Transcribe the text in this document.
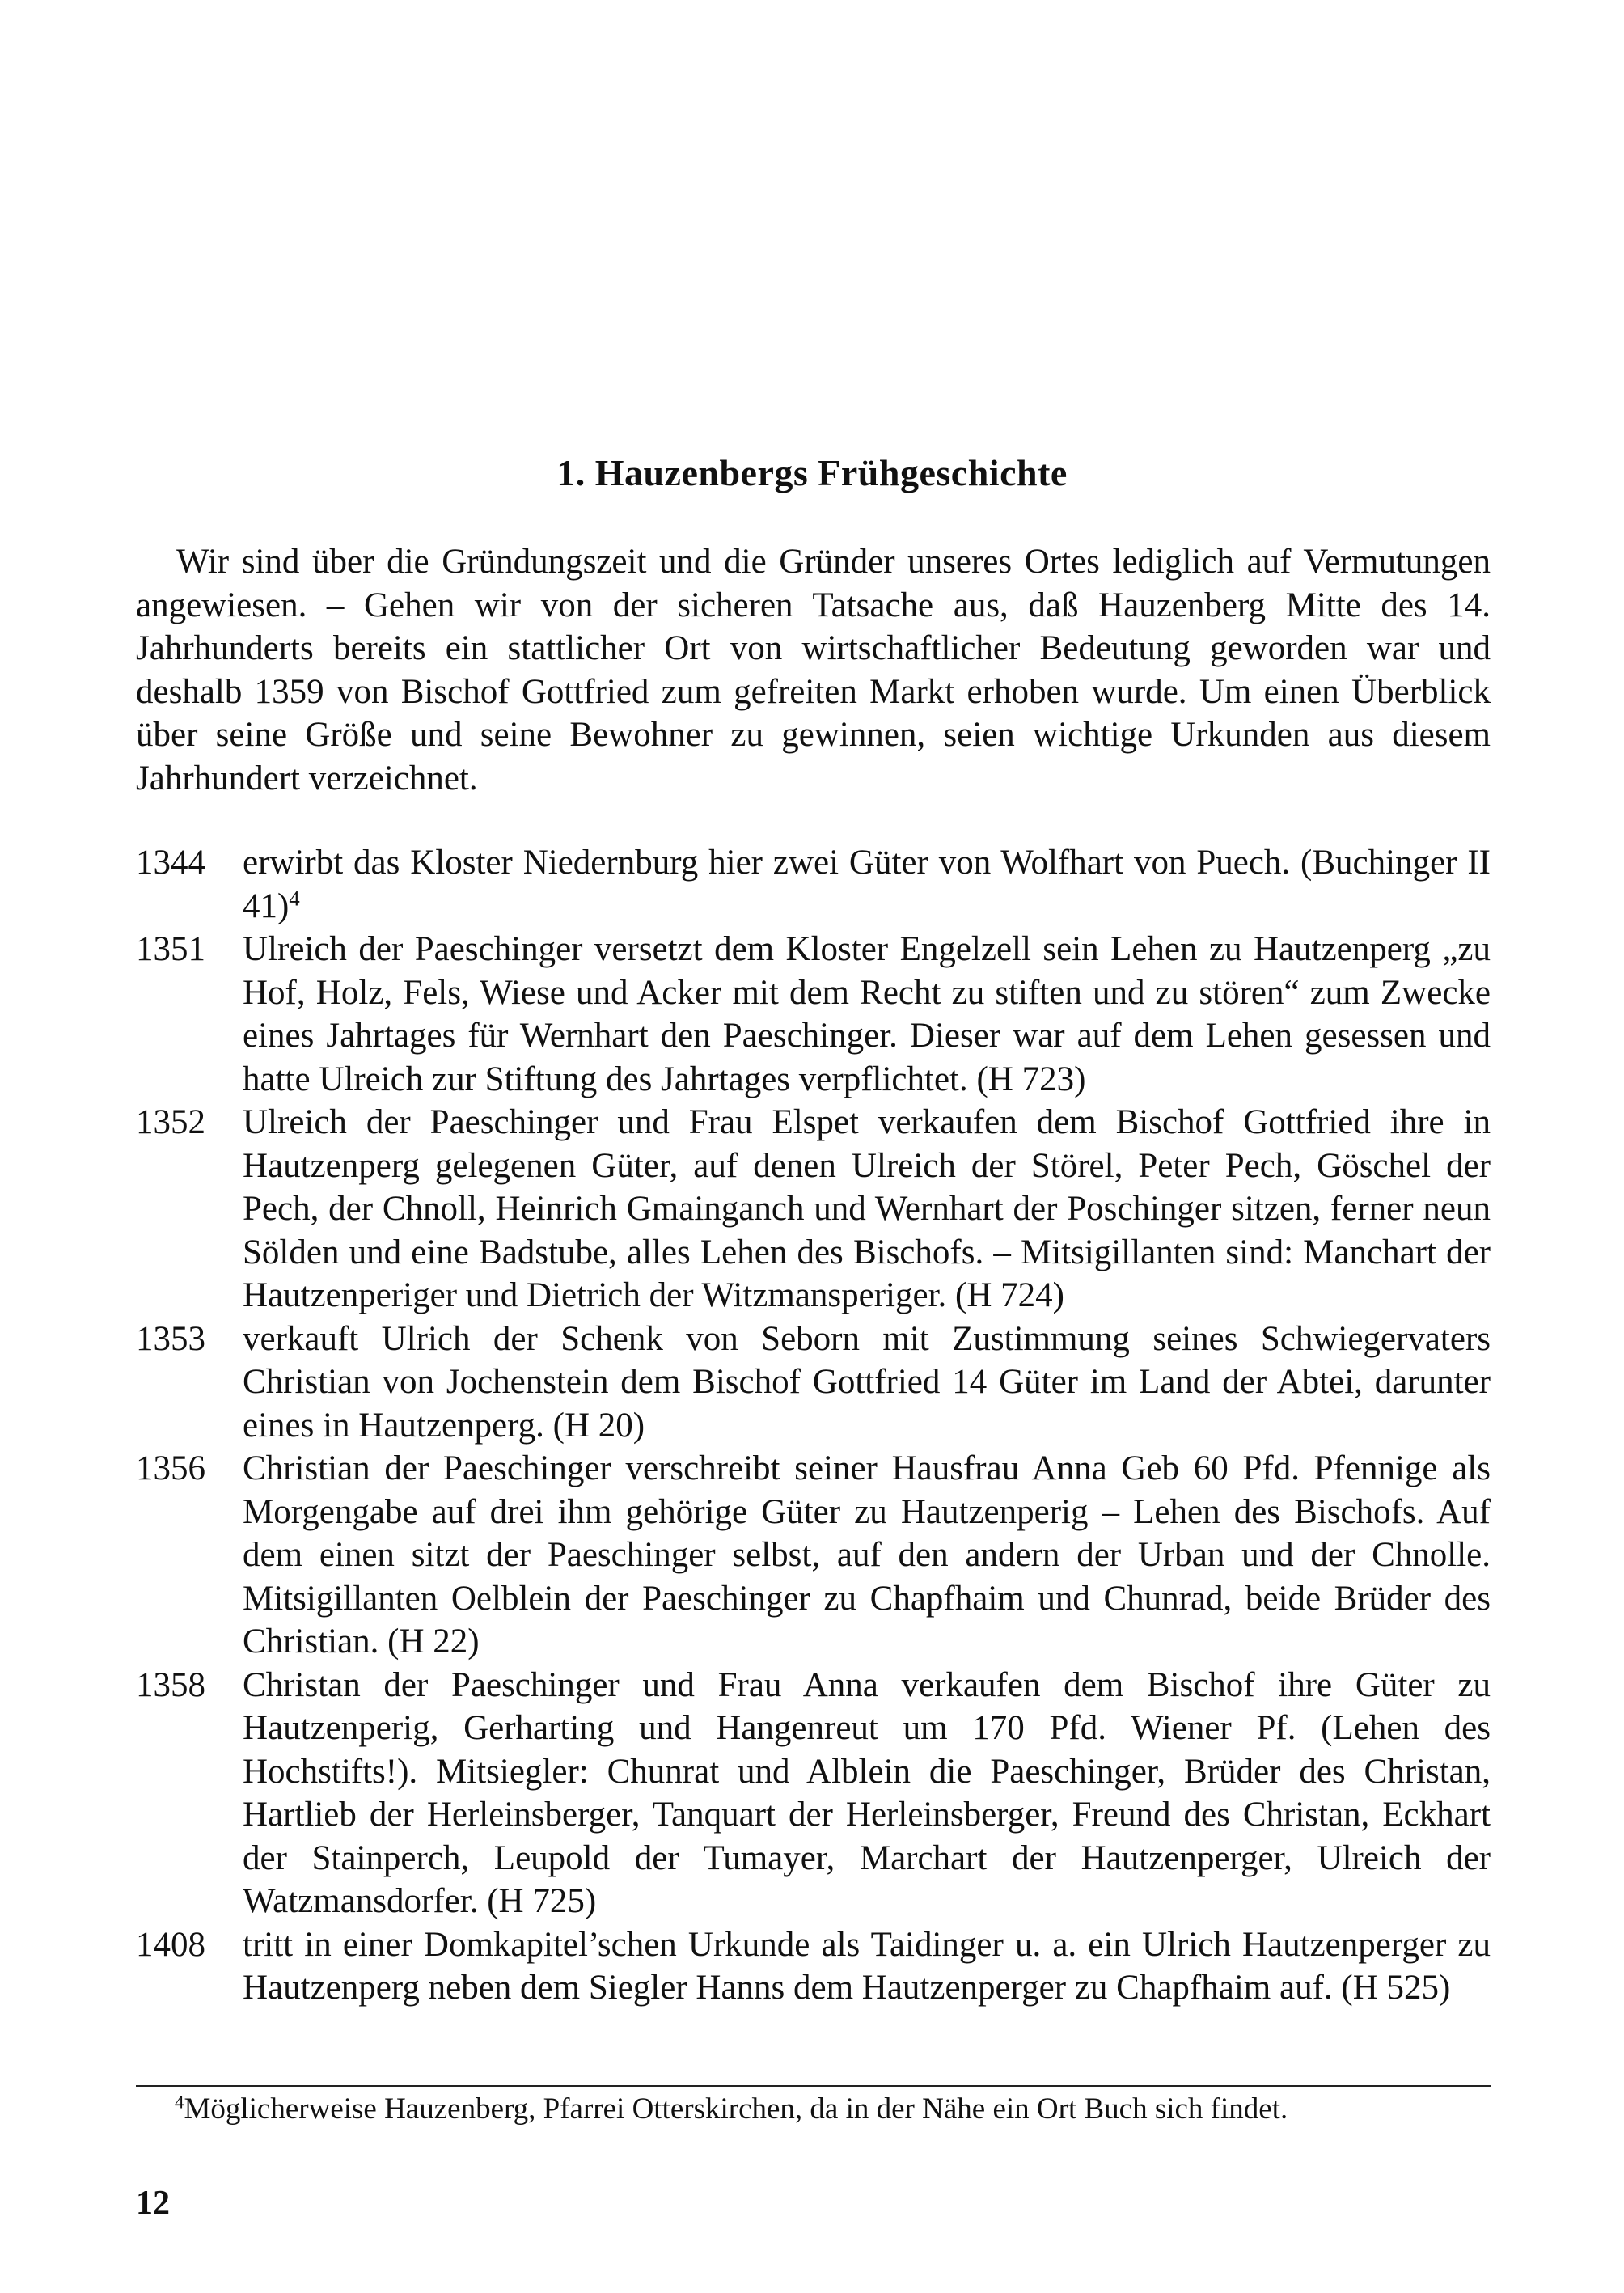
1. Hauzenbergs Frühgeschichte

Wir sind über die Gründungszeit und die Gründer unseres Ortes lediglich auf Vermutungen angewiesen. – Gehen wir von der sicheren Tatsache aus, daß Hauzenberg Mitte des 14. Jahrhunderts bereits ein stattlicher Ort von wirtschaftlicher Bedeutung geworden war und deshalb 1359 von Bischof Gottfried zum gefreiten Markt erhoben wurde. Um einen Überblick über seine Größe und seine Bewohner zu gewinnen, seien wichtige Urkunden aus diesem Jahrhundert verzeichnet.

1344	erwirbt das Kloster Niedernburg hier zwei Güter von Wolfhart von Puech. (Buchinger II 41)$^4$
1351	Ulreich der Paeschinger versetzt dem Kloster Engelzell sein Lehen zu Hautzenperg „zu Hof, Holz, Fels, Wiese und Acker mit dem Recht zu stiften und zu stören“ zum Zwecke eines Jahrtages für Wernhart den Paeschinger. Dieser war auf dem Lehen gesessen und hatte Ulreich zur Stiftung des Jahrtages verpflichtet. (H 723)
1352	Ulreich der Paeschinger und Frau Elspet verkaufen dem Bischof Gottfried ihre in Hautzenperg gelegenen Güter, auf denen Ulreich der Störel, Peter Pech, Göschel der Pech, der Chnoll, Heinrich Gmainganch und Wernhart der Poschinger sitzen, ferner neun Sölden und eine Badstube, alles Lehen des Bischofs. – Mitsigillanten sind: Manchart der Hautzenperiger und Dietrich der Witzmansperiger. (H 724)
1353	verkauft Ulrich der Schenk von Seborn mit Zustimmung seines Schwiegervaters Christian von Jochenstein dem Bischof Gottfried 14 Güter im Land der Abtei, darunter eines in Hautzenperg. (H 20)
1356	Christian der Paeschinger verschreibt seiner Hausfrau Anna Geb 60 Pfd. Pfennige als Morgengabe auf drei ihm gehörige Güter zu Hautzenperig – Lehen des Bischofs. Auf dem einen sitzt der Paeschinger selbst, auf den andern der Urban und der Chnolle. Mitsigillanten Oelblein der Paeschinger zu Chapfhaim und Chunrad, beide Brüder des Christian. (H 22)
1358	Christan der Paeschinger und Frau Anna verkaufen dem Bischof ihre Güter zu Hautzenperig, Gerharting und Hangenreut um 170 Pfd. Wiener Pf. (Lehen des Hochstifts!). Mitsiegler: Chunrat und Alblein die Paeschinger, Brüder des Christan, Hartlieb der Herleinsberger, Tanquart der Herleinsberger, Freund des Christan, Eckhart der Stainperch, Leupold der Tumayer, Marchart der Hautzenperger, Ulreich der Watzmansdorfer. (H 725)
1408	tritt in einer Domkapitel’schen Urkunde als Taidinger u. a. ein Ulrich Hautzenperger zu Hautzenperg neben dem Siegler Hanns dem Hautzenperger zu Chapfhaim auf. (H 525)

$^4$Möglicherweise Hauzenberg, Pfarrei Otterskirchen, da in der Nähe ein Ort Buch sich findet.

12
